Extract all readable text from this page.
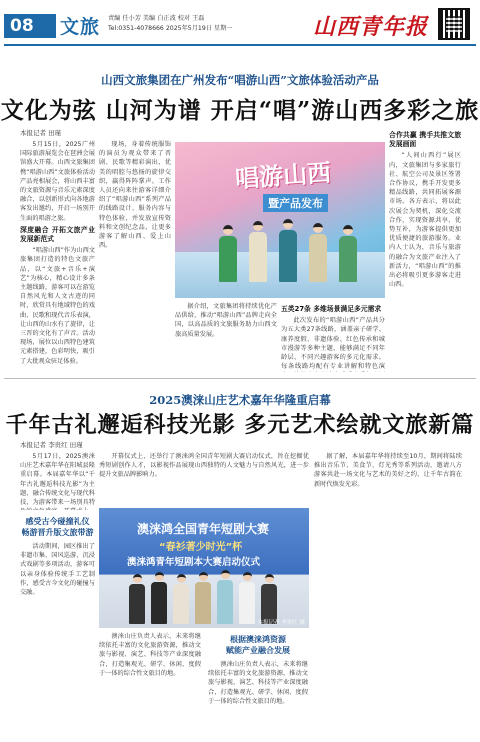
08	文旅 责编 任小芳 美编 白正波 校对 王磊
Tel:0351-4078666 2025年5月19日 星期一	山西青年报
山西文旅集团在广州发布“唱游山西”文旅体验活动产品
文化为弦 山河为谱 开启“唱”游山西多彩之旅
本报记者 田瑾

5月15日，2025广州国际旅游展览会在琶洲会展馆盛大开幕。山西文旅集团携“唱游山西”文旅体验活动产品亮相展会，将山西丰富的文旅资源与音乐元素深度融合，以创新形式向各地游客发出邀约，开启一场别开生面的唱游之旅。

深度融合 开拓文旅产业发展新范式

“唱游山西”作为山西文旅集团打造的特色文旅产品，以“文旅+音乐+演艺”为核心，精心设计多条主题线路，游客可以在游览自然风光和人文古迹的同时，欣赏具有地域特色的戏曲、民歌和现代音乐表演，让山西的山水有了旋律，让三晋的文化有了声音。活动现场，展位以山西特色建筑元素搭建，色彩明快，吸引了大批观众驻足体验。

现场，身着传统服饰的演员为观众带来了晋剧、民歌等精彩演出，优美的唱腔与悠扬的旋律交织，赢得阵阵掌声。工作人员还向来往游客详细介绍了“唱游山西”系列产品的线路设计、服务内容与特色体验，并发放宣传资料和文创纪念品，让更多游客了解山西、爱上山西。

唱游山西
暨产品发布

据介绍，文旅集团将持续优化产品供给，推动“唱游山西”品牌走向全国，以高品质的文旅服务助力山西文旅高质量发展。

五类27条 多维场景满足多元需求

此次发布的“唱游山西”产品共分为五大类27条线路，涵盖亲子研学、康养度假、非遗体验、红色传承和城市漫游等多种主题，能够满足不同年龄层、不同兴趣游客的多元化需求。每条线路均配有专业讲解和特色演

合作共赢 携手共推文旅发展画面

“人间山西行”展区内，文旅集团与多家旅行社、航空公司及景区签署合作协议，携手开发更多精品线路，共同拓展客源市场。各方表示，将以此次展会为契机，深化交流合作，实现资源共享、优势互补，为游客提供更加优质便捷的旅游服务。业内人士认为，音乐与旅游的融合为文旅产业注入了新活力，“唱游山西”的推出必将吸引更多游客走进山西。

2025澳涞山庄艺术嘉年华隆重启幕
千年古礼邂逅科技光影 多元艺术绘就文旅新篇
本报记者 李贵红 田瑾

5月17日，2025澳涞山庄艺术嘉年华在阳城县隆重启幕。本届嘉年华以“千年古礼邂逅科技光影”为主题，融合传统文化与现代科技，为游客带来一场别具特

感受古今碰撞礼仪
畅游晋升版文旅带游

活动期间，园区推出了非遗市集、国风巡游、沉浸式戏剧等多项活动，游客可以亲身体验传统手工艺制作，感受古今文化的碰撞与交融。

开幕仪式上，还举行了澳涞鸿全国青年短剧大赛启动仪式，旨在挖掘优秀短剧创作人才，以影视作品展现山西独特的人文魅力与自然风光，进一步提升文旅品牌影响力。

澳涞鸿全国青年短剧大赛
“春衫著少时光”杯
澳涞鸿青年短剧本大赛启动仪式
本报记者 李贵红 摄

澳涞山庄负责人表示，未来将继续依托丰富的文化旅游资源，推动文旅与影视、演艺、科技等产业深度融合，打造集观光、研学、休闲、度假于一体的综合性文旅目的地。

根据澳涞鸿资源
赋能产业融合发展

澳涞山庄负责人表示，未来将继续依托丰富的文化旅游资源，推动文旅与影视、演艺、科技等产业深度融合，打造集观光、研学、休闲、度假于一体的综合性文旅目的地。

据了解，本届嘉年华将持续至10月，期间将陆续推出音乐节、美食节、灯光秀等系列活动，邀请八方游客共赴一场文化与艺术的美好之约，让千年古韵在新时代焕发光彩。
